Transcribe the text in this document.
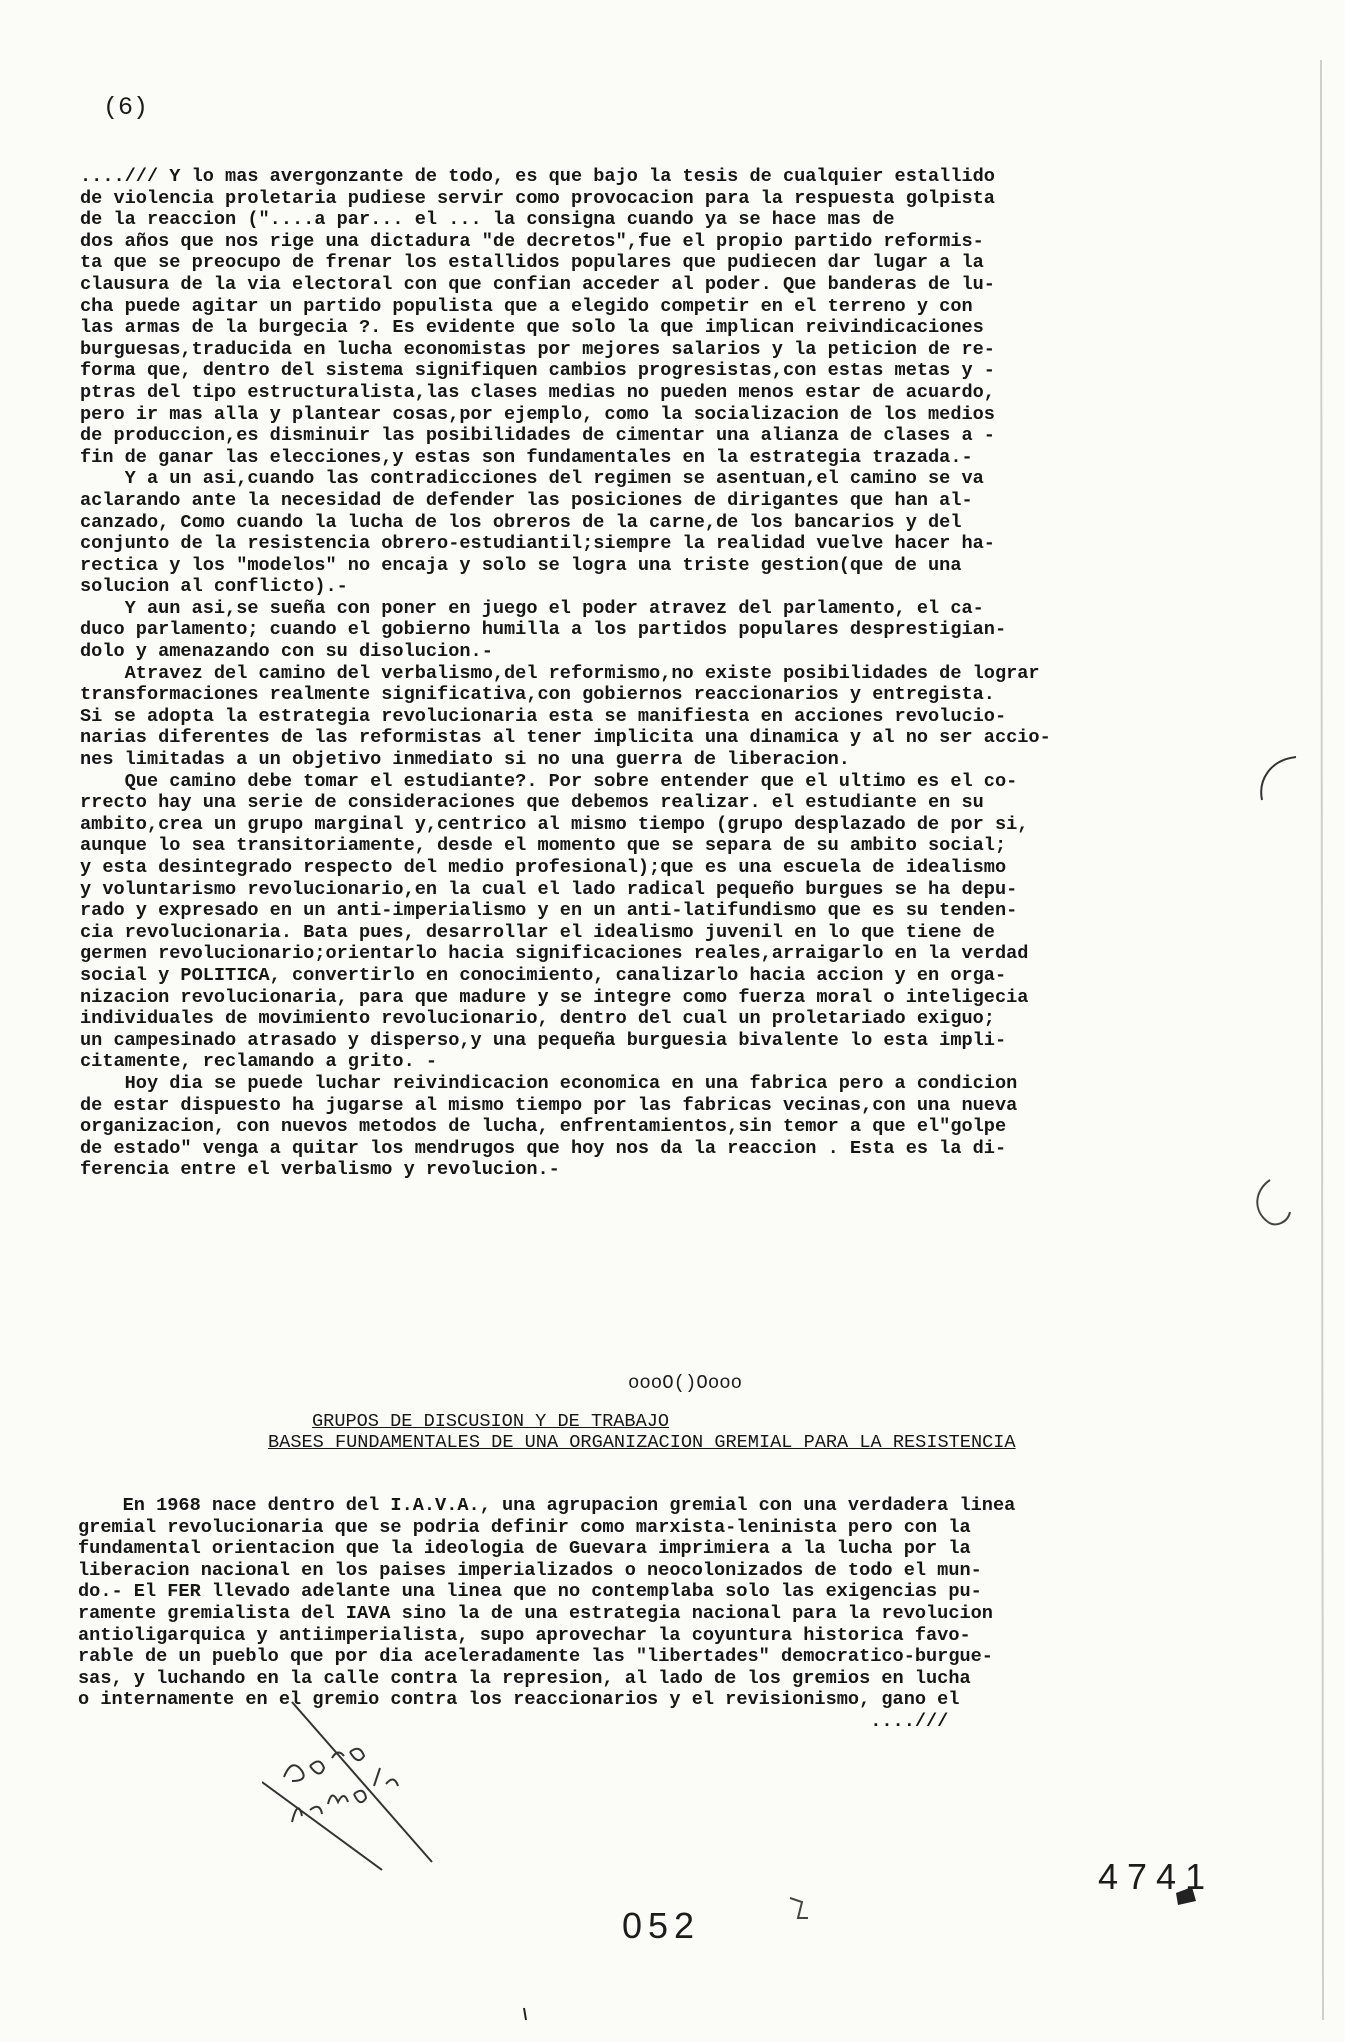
(6)
..../// Y lo mas avergonzante de todo, es que bajo la tesis de cualquier estallido
de violencia proletaria pudiese servir como provocacion para la respuesta golpista
de la reaccion ("....a par... el ... la consigna cuando ya se hace mas de
dos años que nos rige una dictadura "de decretos",fue el propio partido reformis-
ta que se preocupo de frenar los estallidos populares que pudiecen dar lugar a la
clausura de la via electoral con que confian acceder al poder. Que banderas de lu-
cha puede agitar un partido populista que a elegido competir en el terreno y con
las armas de la burgecia ?. Es evidente que solo la que implican reivindicaciones
burguesas,traducida en lucha economistas por mejores salarios y la peticion de re-
forma que, dentro del sistema signifiquen cambios progresistas,con estas metas y -
ptras del tipo estructuralista,las clases medias no pueden menos estar de acuardo,
pero ir mas alla y plantear cosas,por ejemplo, como la socializacion de los medios
de produccion,es disminuir las posibilidades de cimentar una alianza de clases a -
fin de ganar las elecciones,y estas son fundamentales en la estrategia trazada.-
Y a un asi,cuando las contradicciones del regimen se asentuan,el camino se va
aclarando ante la necesidad de defender las posiciones de dirigantes que han al-
canzado, Como cuando la lucha de los obreros de la carne,de los bancarios y del
conjunto de la resistencia obrero-estudiantil;siempre la realidad vuelve hacer ha-
rectica y los "modelos" no encaja y solo se logra una triste gestion(que de una
solucion al conflicto).-
Y aun asi,se sueña con poner en juego el poder atravez del parlamento, el ca-
duco parlamento; cuando el gobierno humilla a los partidos populares desprestigian-
dolo y amenazando con su disolucion.-
Atravez del camino del verbalismo,del reformismo,no existe posibilidades de lograr
transformaciones realmente significativa,con gobiernos reaccionarios y entregista.
Si se adopta la estrategia revolucionaria esta se manifiesta en acciones revolucio-
narias diferentes de las reformistas al tener implicita una dinamica y al no ser accio-
nes limitadas a un objetivo inmediato si no una guerra de liberacion.
Que camino debe tomar el estudiante?. Por sobre entender que el ultimo es el co-
rrecto hay una serie de consideraciones que debemos realizar. el estudiante en su
ambito,crea un grupo marginal y,centrico al mismo tiempo (grupo desplazado de por si,
aunque lo sea transitoriamente, desde el momento que se separa de su ambito social;
y esta desintegrado respecto del medio profesional);que es una escuela de idealismo
y voluntarismo revolucionario,en la cual el lado radical pequeño burgues se ha depu-
rado y expresado en un anti-imperialismo y en un anti-latifundismo que es su tenden-
cia revolucionaria. Bata pues, desarrollar el idealismo juvenil en lo que tiene de
germen revolucionario;orientarlo hacia significaciones reales,arraigarlo en la verdad
social y POLITICA, convertirlo en conocimiento, canalizarlo hacia accion y en orga-
nizacion revolucionaria, para que madure y se integre como fuerza moral o inteligecia
individuales de movimiento revolucionario, dentro del cual un proletariado exiguo;
un campesinado atrasado y disperso,y una pequeña burguesia bivalente lo esta impli-
citamente, reclamando a grito. -
Hoy dia se puede luchar reivindicacion economica en una fabrica pero a condicion
de estar dispuesto ha jugarse al mismo tiempo por las fabricas vecinas,con una nueva
organizacion, con nuevos metodos de lucha, enfrentamientos,sin temor a que el"golpe
de estado" venga a quitar los mendrugos que hoy nos da la reaccion . Esta es la di-
ferencia entre el verbalismo y revolucion.-
oooO()Oooo
GRUPOS DE DISCUSION Y DE TRABAJO
BASES FUNDAMENTALES DE UNA ORGANIZACION GREMIAL PARA LA RESISTENCIA
En 1968 nace dentro del I.A.V.A., una agrupacion gremial con una verdadera linea
gremial revolucionaria que se podria definir como marxista-leninista pero con la
fundamental orientacion que la ideologia de Guevara imprimiera a la lucha por la
liberacion nacional en los paises imperializados o neocolonizados de todo el mun-
do.- El FER llevado adelante una linea que no contemplaba solo las exigencias pu-
ramente gremialista del IAVA sino la de una estrategia nacional para la revolucion
antioligarquica y antiimperialista, supo aprovechar la coyuntura historica favo-
rable de un pueblo que por dia aceleradamente las "libertades" democratico-burgue-
sas, y luchando en la calle contra la represion, al lado de los gremios en lucha
o internamente en el gremio contra los reaccionarios y el revisionismo, gano el
....///
052
4741
